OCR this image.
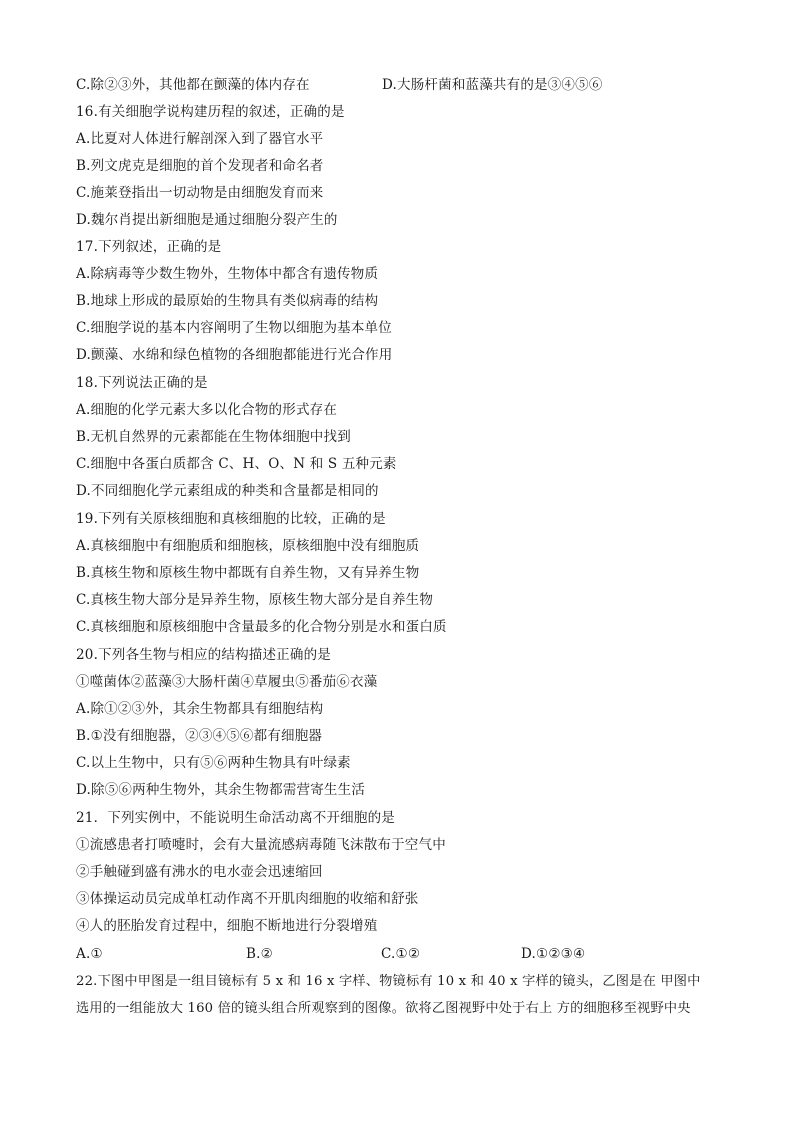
C.除②③外，其他都在颤藻的体内存在	D.大肠杆菌和蓝藻共有的是③④⑤⑥
16.有关细胞学说构建历程的叙述，正确的是
A.比夏对人体进行解剖深入到了器官水平
B.列文虎克是细胞的首个发现者和命名者
C.施莱登指出一切动物是由细胞发育而来
D.魏尔肖提出新细胞是通过细胞分裂产生的
17.下列叙述，正确的是
A.除病毒等少数生物外，生物体中都含有遗传物质
B.地球上形成的最原始的生物具有类似病毒的结构
C.细胞学说的基本内容阐明了生物以细胞为基本单位
D.颤藻、水绵和绿色植物的各细胞都能进行光合作用
18.下列说法正确的是
A.细胞的化学元素大多以化合物的形式存在
B.无机自然界的元素都能在生物体细胞中找到
C.细胞中各蛋白质都含 C、H、O、N 和 S 五种元素
D.不同细胞化学元素组成的种类和含量都是相同的
19.下列有关原核细胞和真核细胞的比较，正确的是
A.真核细胞中有细胞质和细胞核，原核细胞中没有细胞质
B.真核生物和原核生物中都既有自养生物，又有异养生物
C.真核生物大部分是异养生物，原核生物大部分是自养生物
C.真核细胞和原核细胞中含量最多的化合物分别是水和蛋白质
20.下列各生物与相应的结构描述正确的是
①噬菌体②蓝藻③大肠杆菌④草履虫⑤番茄⑥衣藻
A.除①②③外，其余生物都具有细胞结构
B.①没有细胞器，②③④⑤⑥都有细胞器
C.以上生物中，只有⑤⑥两种生物具有叶绿素
D.除⑤⑥两种生物外，其余生物都需营寄生生活
21．下列实例中，不能说明生命活动离不开细胞的是
①流感患者打喷嚏时，会有大量流感病毒随飞沫散布于空气中
②手触碰到盛有沸水的电水壶会迅速缩回
③体操运动员完成单杠动作离不开肌肉细胞的收缩和舒张
④人的胚胎发育过程中，细胞不断地进行分裂增殖
A.①	B.②	C.①②	D.①②③④
22.下图中甲图是一组目镜标有 5 x 和 16 x 字样、物镜标有 10 x 和 40 x 字样的镜头，乙图是在 甲图中
选用的一组能放大 160 倍的镜头组合所观察到的图像。欲将乙图视野中处于右上 方的细胞移至视野中央
